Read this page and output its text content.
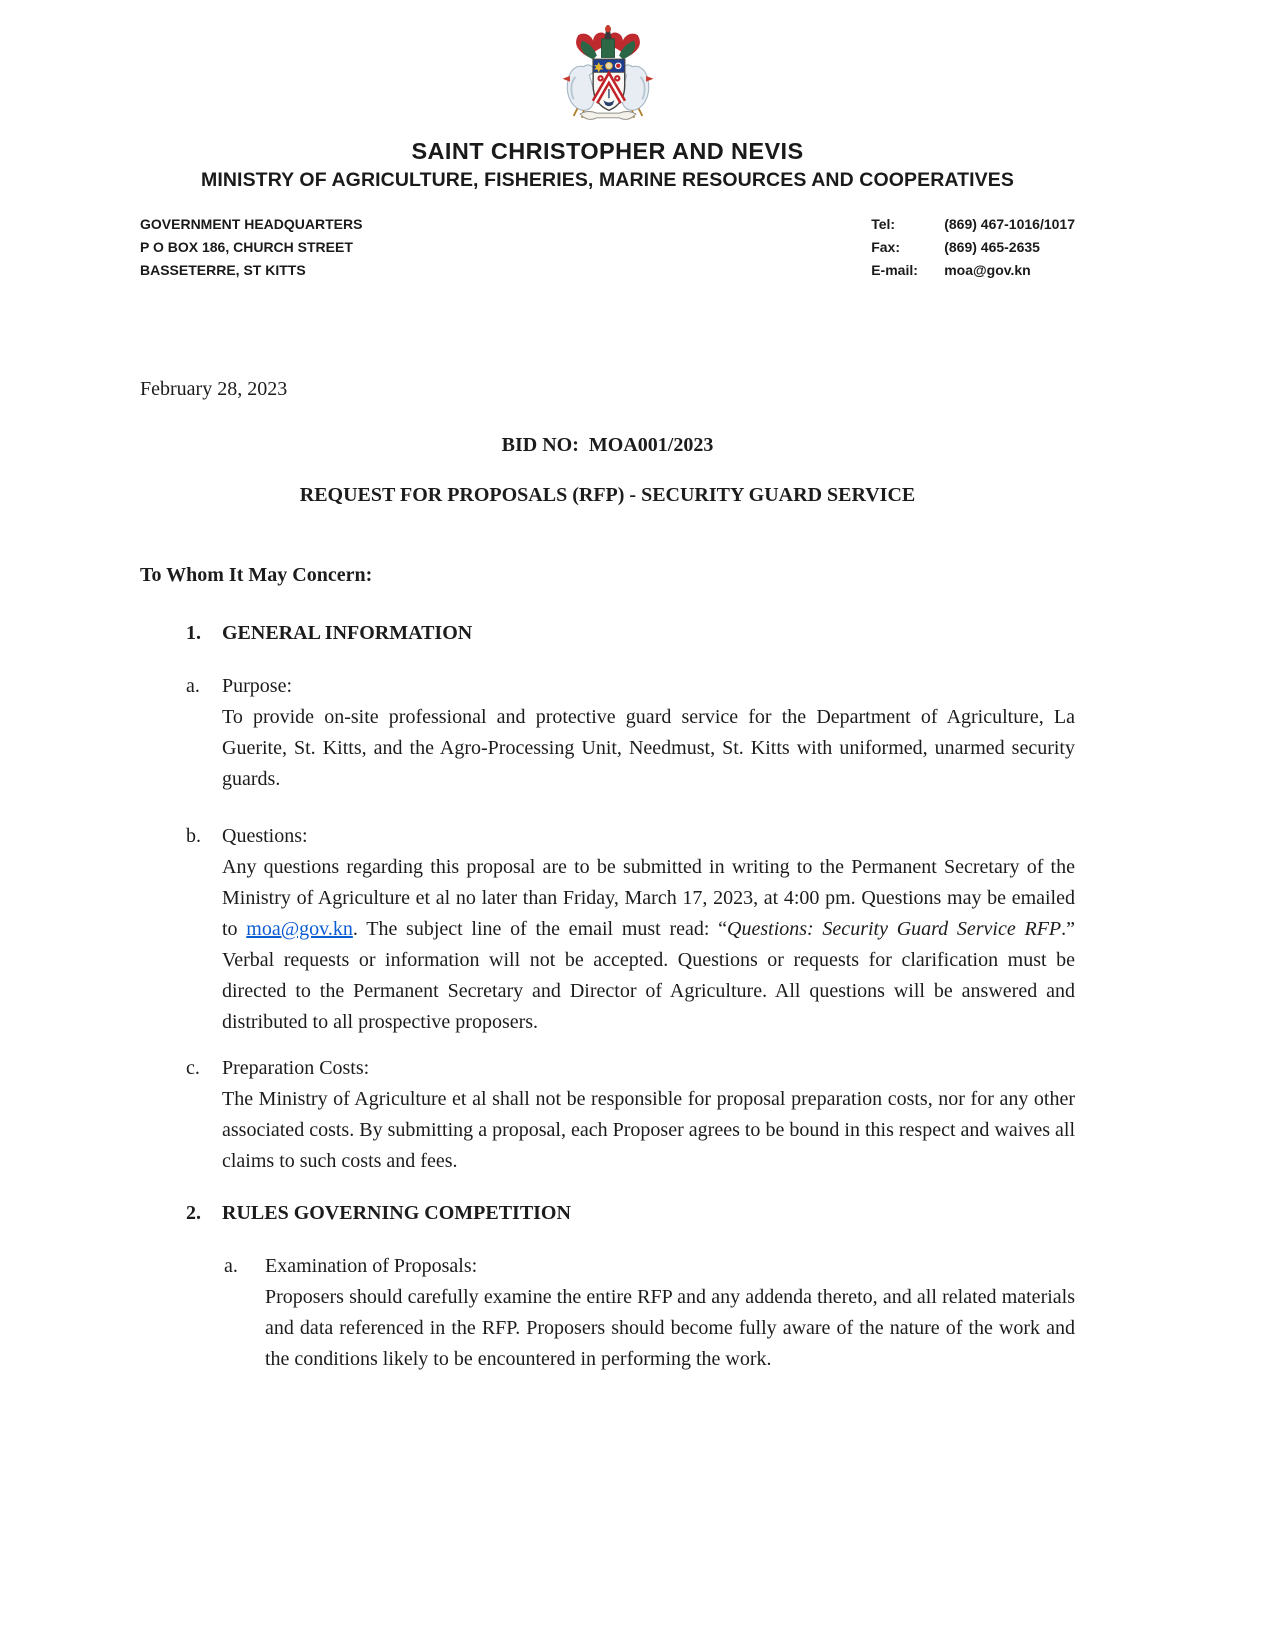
SAINT CHRISTOPHER AND NEVIS
MINISTRY OF AGRICULTURE, FISHERIES, MARINE RESOURCES AND COOPERATIVES
GOVERNMENT HEADQUARTERS
P O BOX 186, CHURCH STREET
BASSETERRE, ST KITTS
Tel:	(869) 467-1016/1017
Fax:	(869) 465-2635
E-mail:	moa@gov.kn

February 28, 2023

BID NO:  MOA001/2023

REQUEST FOR PROPOSALS (RFP) - SECURITY GUARD SERVICE

To Whom It May Concern:

1.	GENERAL INFORMATION
a.	Purpose:

To provide on-site professional and protective guard service for the Department of Agriculture, La Guerite, St. Kitts, and the Agro-Processing Unit, Needmust, St. Kitts with uniformed, unarmed security guards.

b.	Questions:

Any questions regarding this proposal are to be submitted in writing to the Permanent Secretary of the Ministry of Agriculture et al no later than Friday, March 17, 2023, at 4:00 pm. Questions may be emailed to moa@gov.kn. The subject line of the email must read: “Questions: Security Guard Service RFP.” Verbal requests or information will not be accepted. Questions or requests for clarification must be directed to the Permanent Secretary and Director of Agriculture. All questions will be answered and distributed to all prospective proposers.

c.	Preparation Costs:

The Ministry of Agriculture et al shall not be responsible for proposal preparation costs, nor for any other associated costs. By submitting a proposal, each Proposer agrees to be bound in this respect and waives all claims to such costs and fees.

2.	RULES GOVERNING COMPETITION
a.	Examination of Proposals:

Proposers should carefully examine the entire RFP and any addenda thereto, and all related materials and data referenced in the RFP. Proposers should become fully aware of the nature of the work and the conditions likely to be encountered in performing the work.
